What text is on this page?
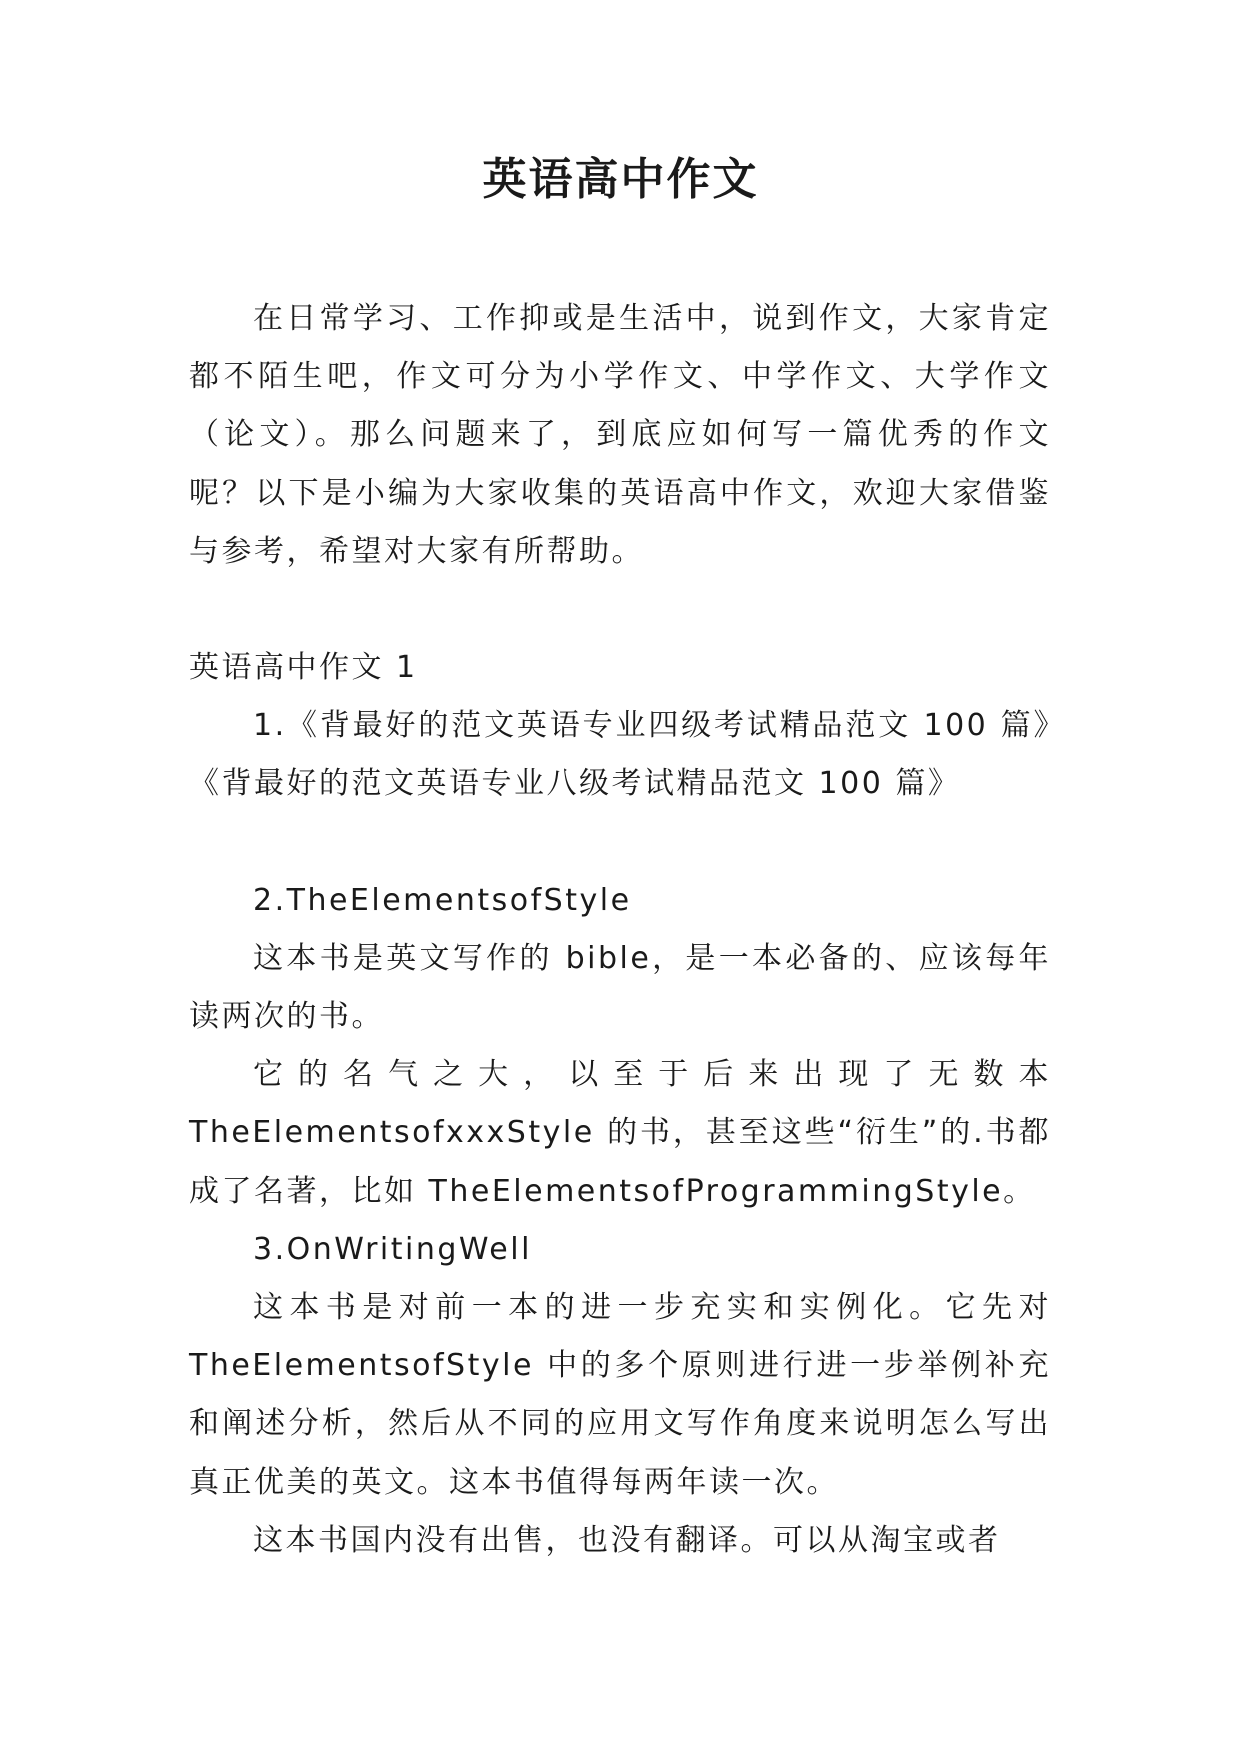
英语高中作文

在日常学习、工作抑或是生活中，说到作文，大家肯定都不陌生吧，作文可分为小学作文、中学作文、大学作文（论文）。那么问题来了，到底应如何写一篇优秀的作文呢？以下是小编为大家收集的英语高中作文，欢迎大家借鉴与参考，希望对大家有所帮助。

英语高中作文 1

1.《背最好的范文英语专业四级考试精品范文 100 篇》《背最好的范文英语专业八级考试精品范文 100 篇》

2.TheElementsofStyle

这本书是英文写作的 bible，是一本必备的、应该每年读两次的书。

它的名气之大，以至于后来出现了无数本 TheElementsofxxxStyle 的书，甚至这些“衍生”的.书都成了名著，比如 TheElementsofProgrammingStyle。

3.OnWritingWell

这本书是对前一本的进一步充实和实例化。它先对 TheElementsofStyle 中的多个原则进行进一步举例补充和阐述分析，然后从不同的应用文写作角度来说明怎么写出真正优美的英文。这本书值得每两年读一次。

这本书国内没有出售，也没有翻译。可以从淘宝或者
